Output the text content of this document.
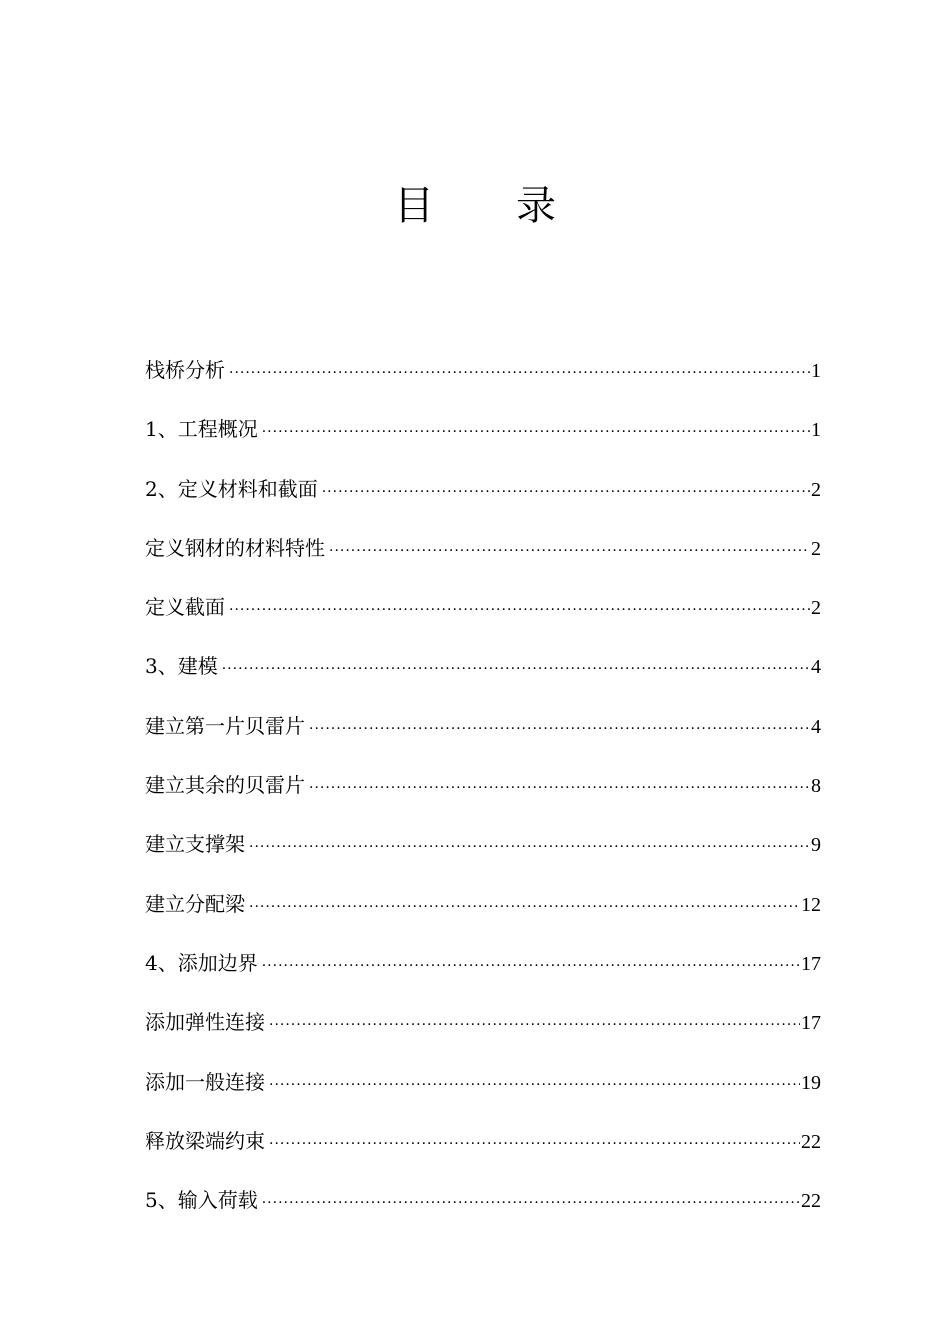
目 录
栈桥分析 ·····	1
1、工程概况 ·····	1
2、定义材料和截面 ·····	2
定义钢材的材料特性 ·····	2
定义截面 ·····	2
3、建模 ·····	4
建立第一片贝雷片 ·····	4
建立其余的贝雷片 ·····	8
建立支撑架 ·····	9
建立分配梁 ·····	12
4、添加边界 ·····	17
添加弹性连接 ·····	17
添加一般连接 ·····	19
释放梁端约束 ·····	22
5、输入荷载 ·····	22
